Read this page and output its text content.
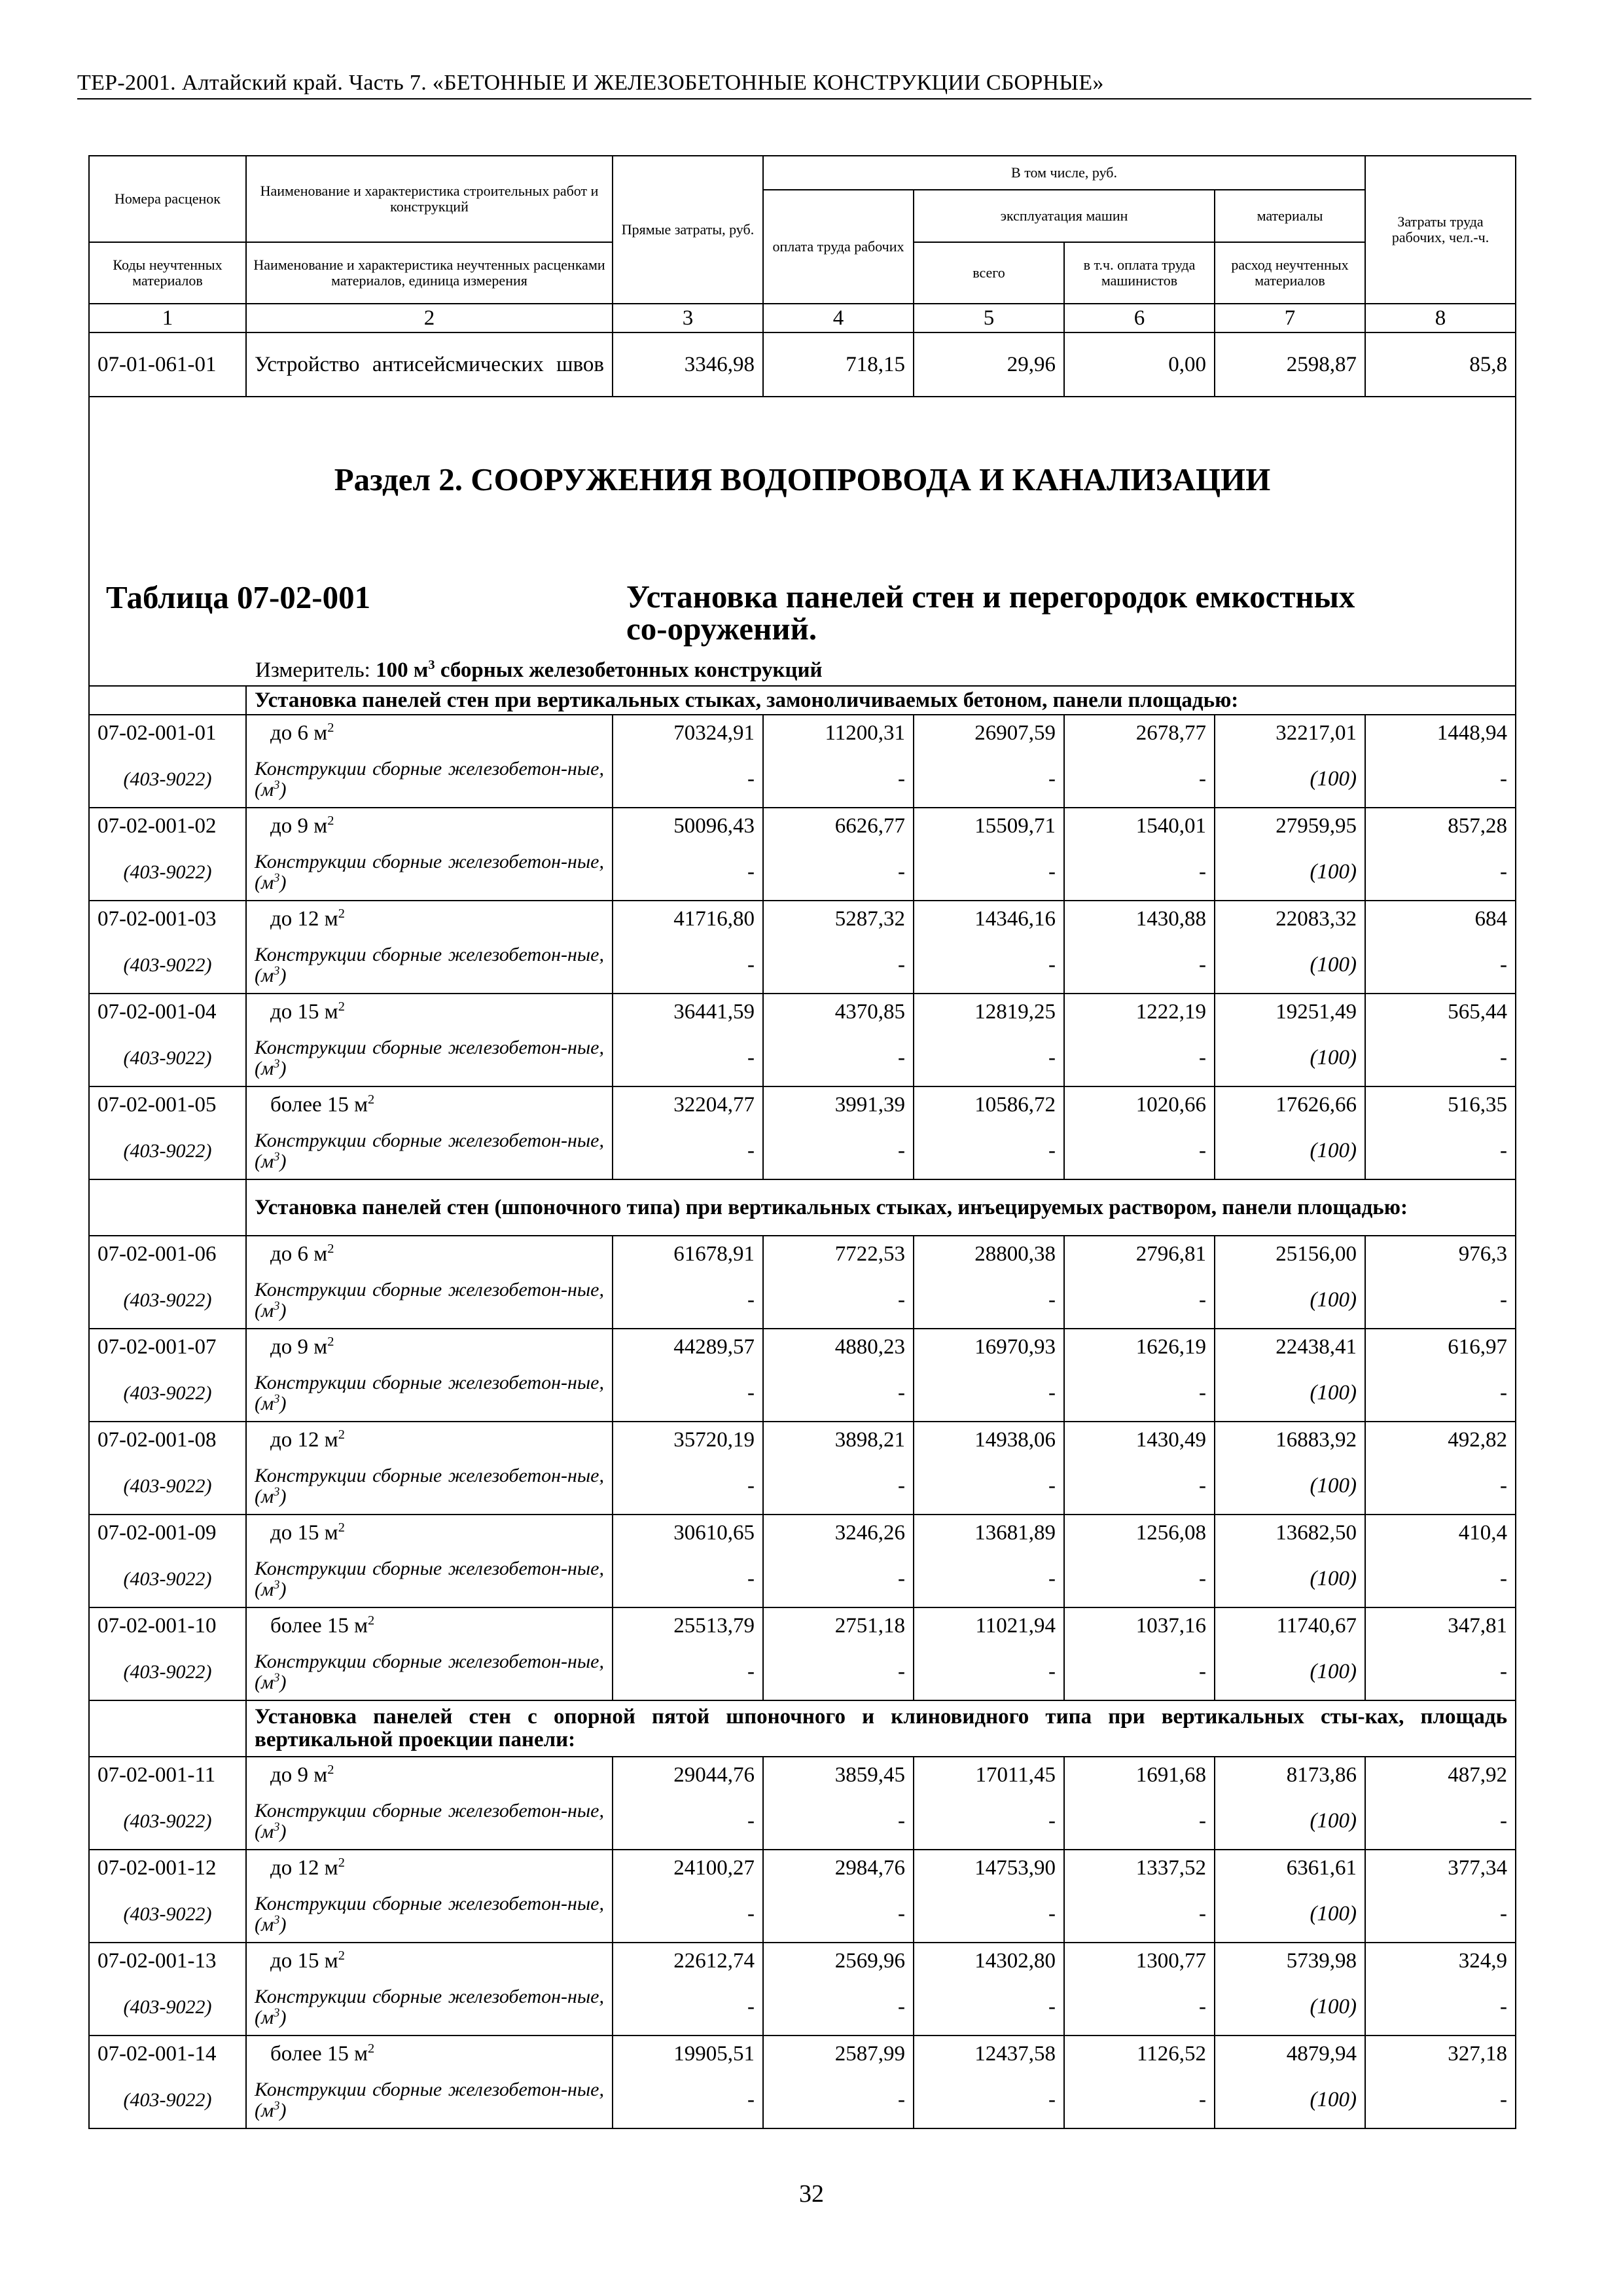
ТЕР-2001. Алтайский край. Часть 7. «БЕТОННЫЕ И ЖЕЛЕЗОБЕТОННЫЕ КОНСТРУКЦИИ СБОРНЫЕ»
Номера расценок	Наименование и характеристика строительных работ и конструкций	Прямые затраты, руб.	В том числе, руб.				Затраты труда рабочих, чел.-ч.
			оплата труда рабочих	эксплуатация машин		материалы	
Коды неучтенных материалов	Наименование и характеристика неучтенных расценками материалов, единица измерения			всего	в т.ч. оплата труда машинистов	расход неучтенных материалов	
1	2	3	4	5	6	7	8
07-01-061-01	Устройство антисейсмических швов	3346,98	718,15	29,96	0,00	2598,87	85,8

Раздел 2. СООРУЖЕНИЯ ВОДОПРОВОДА И КАНАЛИЗАЦИИ
Таблица 07-02-001 Установка панелей стен и перегородок емкостных со-оружений.
Измеритель: 100 $м^3$ сборных железобетонных конструкций							

	Установка панелей стен при вертикальных стыках, замоноличиваемых бетоном, панели площадью:						
07-02-001-01	до 6 $м^2$	70324,91	11200,31	26907,59	2678,77	32217,01	1448,94
(403-9022)	Конструкции сборные железобетон-ные, $(м^3)$	-	-	-	-	(100)	-
07-02-001-02	до 9 $м^2$	50096,43	6626,77	15509,71	1540,01	27959,95	857,28
(403-9022)	Конструкции сборные железобетон-ные, $(м^3)$	-	-	-	-	(100)	-
07-02-001-03	до 12 $м^2$	41716,80	5287,32	14346,16	1430,88	22083,32	684
(403-9022)	Конструкции сборные железобетон-ные, $(м^3)$	-	-	-	-	(100)	-
07-02-001-04	до 15 $м^2$	36441,59	4370,85	12819,25	1222,19	19251,49	565,44
(403-9022)	Конструкции сборные железобетон-ные, $(м^3)$	-	-	-	-	(100)	-
07-02-001-05	более 15 $м^2$	32204,77	3991,39	10586,72	1020,66	17626,66	516,35
(403-9022)	Конструкции сборные железобетон-ные, $(м^3)$	-	-	-	-	(100)	-
	Установка панелей стен (шпоночного типа) при вертикальных стыках, инъецируемых раствором, панели площадью:						
07-02-001-06	до 6 $м^2$	61678,91	7722,53	28800,38	2796,81	25156,00	976,3
(403-9022)	Конструкции сборные железобетон-ные, $(м^3)$	-	-	-	-	(100)	-
07-02-001-07	до 9 $м^2$	44289,57	4880,23	16970,93	1626,19	22438,41	616,97
(403-9022)	Конструкции сборные железобетон-ные, $(м^3)$	-	-	-	-	(100)	-
07-02-001-08	до 12 $м^2$	35720,19	3898,21	14938,06	1430,49	16883,92	492,82
(403-9022)	Конструкции сборные железобетон-ные, $(м^3)$	-	-	-	-	(100)	-
07-02-001-09	до 15 $м^2$	30610,65	3246,26	13681,89	1256,08	13682,50	410,4
(403-9022)	Конструкции сборные железобетон-ные, $(м^3)$	-	-	-	-	(100)	-
07-02-001-10	более 15 $м^2$	25513,79	2751,18	11021,94	1037,16	11740,67	347,81
(403-9022)	Конструкции сборные железобетон-ные, $(м^3)$	-	-	-	-	(100)	-
	Установка панелей стен с опорной пятой шпоночного и клиновидного типа при вертикальных сты-ках, площадь вертикальной проекции панели:						
07-02-001-11	до 9 $м^2$	29044,76	3859,45	17011,45	1691,68	8173,86	487,92
(403-9022)	Конструкции сборные железобетон-ные, $(м^3)$	-	-	-	-	(100)	-
07-02-001-12	до 12 $м^2$	24100,27	2984,76	14753,90	1337,52	6361,61	377,34
(403-9022)	Конструкции сборные железобетон-ные, $(м^3)$	-	-	-	-	(100)	-
07-02-001-13	до 15 $м^2$	22612,74	2569,96	14302,80	1300,77	5739,98	324,9
(403-9022)	Конструкции сборные железобетон-ные, $(м^3)$	-	-	-	-	(100)	-
07-02-001-14	более 15 $м^2$	19905,51	2587,99	12437,58	1126,52	4879,94	327,18
(403-9022)	Конструкции сборные железобетон-ные, $(м^3)$	-	-	-	-	(100)	-
32
